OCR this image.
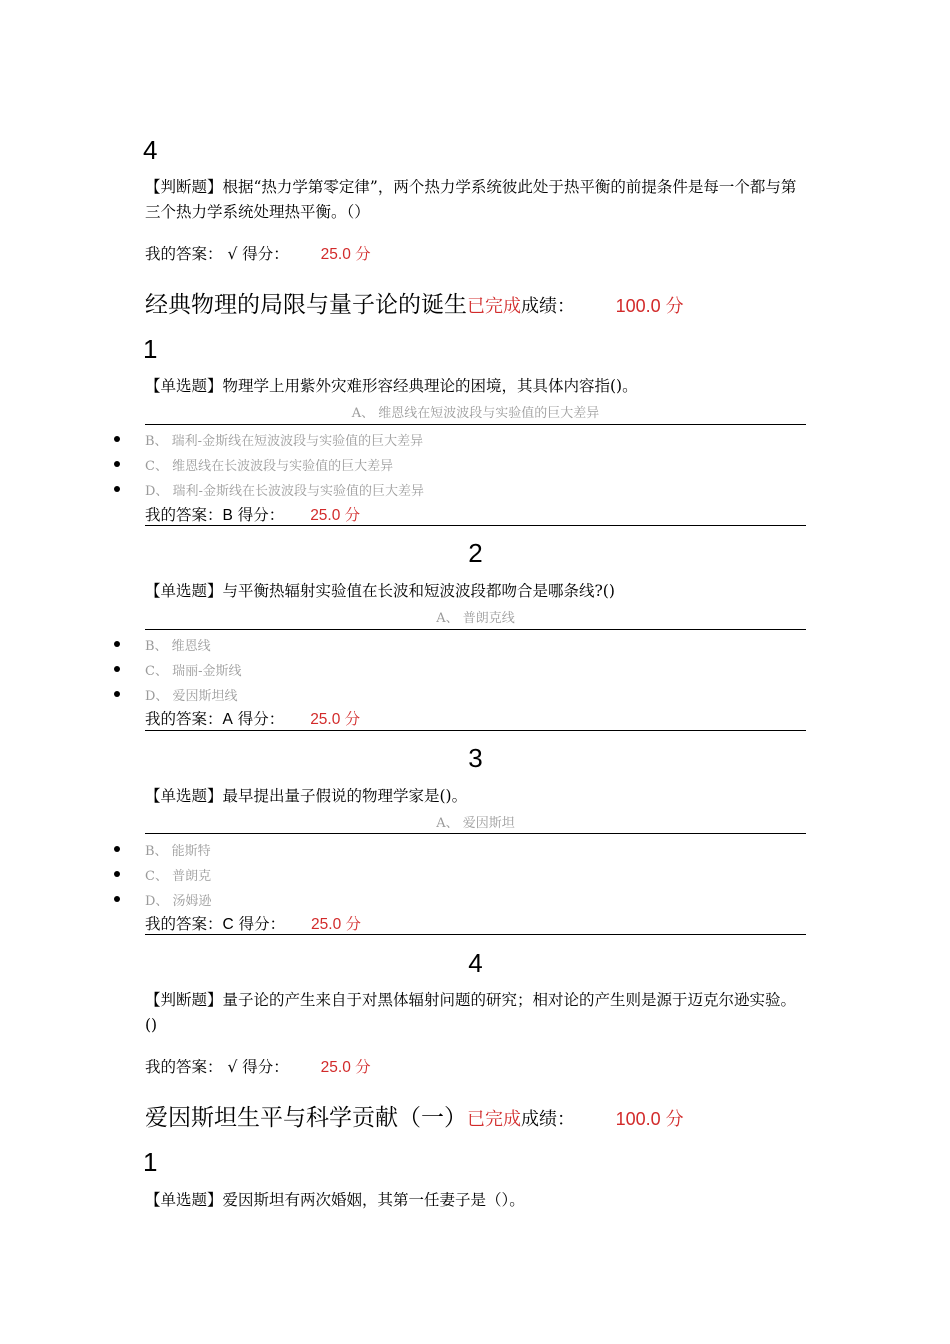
4
【判断题】根据“热力学第零定律”，两个热力学系统彼此处于热平衡的前提条件是每一个都与第三个热力学系统处理热平衡。（）
我的答案： √ 得分： 25.0 分
经典物理的局限与量子论的诞生已完成成绩： 100.0 分
1
【单选题】物理学上用紫外灾难形容经典理论的困境，其具体内容指()。
A、 维恩线在短波波段与实验值的巨大差异
B、 瑞利-金斯线在短波波段与实验值的巨大差异
C、 维恩线在长波波段与实验值的巨大差异
D、 瑞利-金斯线在长波波段与实验值的巨大差异
我的答案：B 得分： 25.0 分
2
【单选题】与平衡热辐射实验值在长波和短波波段都吻合是哪条线?()
A、 普朗克线
B、 维恩线
C、 瑞丽-金斯线
D、 爱因斯坦线
我的答案：A 得分： 25.0 分
3
【单选题】最早提出量子假说的物理学家是()。
A、 爱因斯坦
B、 能斯特
C、 普朗克
D、 汤姆逊
我的答案：C 得分： 25.0 分
4
【判断题】量子论的产生来自于对黑体辐射问题的研究；相对论的产生则是源于迈克尔逊实验。()
我的答案： √ 得分： 25.0 分
爱因斯坦生平与科学贡献（一）已完成成绩： 100.0 分
1
【单选题】爱因斯坦有两次婚姻，其第一任妻子是（）。
